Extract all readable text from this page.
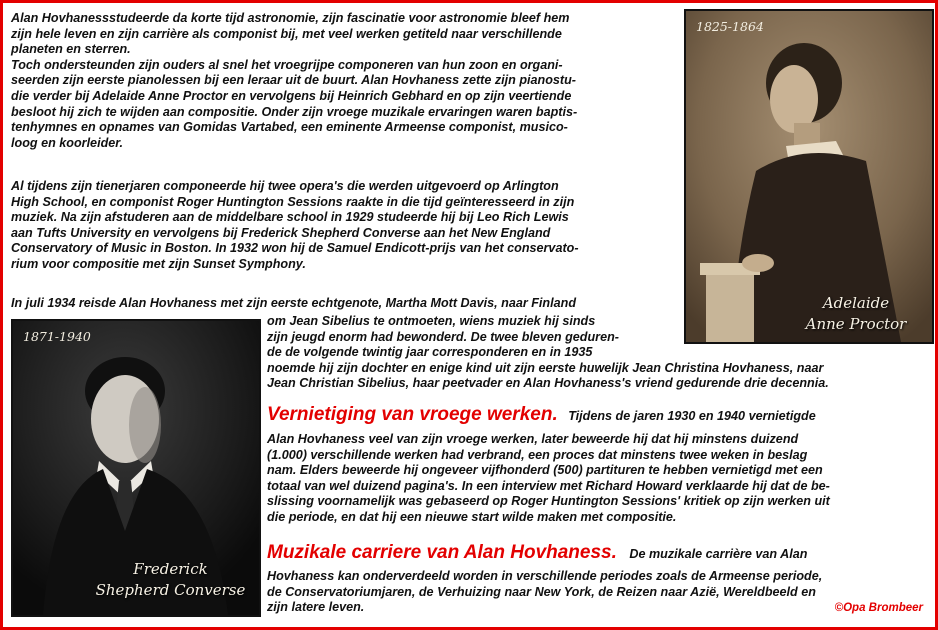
Alan Hovhanessstudeerde da korte tijd astronomie, zijn fascinatie voor astronomie bleef hem
zijn hele leven en zijn carrière als componist bij, met veel werken getiteld naar verschillende
planeten en sterren.
Toch ondersteunden zijn ouders al snel het vroegrijpe componeren van hun zoon en organi-
seerden zijn eerste pianolessen bij een leraar uit de buurt. Alan Hovhaness zette zijn pianostu-
die verder bij Adelaide Anne Proctor en vervolgens bij Heinrich Gebhard en op zijn veertiende
besloot hij zich te wijden aan compositie. Onder zijn vroege muzikale ervaringen waren baptis-
tenhymnes en opnames van Gomidas Vartabed, een eminente Armeense componist, musico-
loog en koorleider.
Al tijdens zijn tienerjaren componeerde hij twee opera's die werden uitgevoerd op Arlington
High School, en componist Roger Huntington Sessions raakte in die tijd geïnteresseerd in zijn
muziek. Na zijn afstuderen aan de middelbare school in 1929 studeerde hij bij Leo Rich Lewis
aan Tufts University en vervolgens bij Frederick Shepherd Converse aan het New England
Conservatory of Music in Boston. In 1932 won hij de Samuel Endicott-prijs van het conservato-
rium voor compositie met zijn Sunset Symphony.
In juli 1934 reisde Alan Hovhaness met zijn eerste echtgenote, Martha Mott Davis, naar Finland
om Jean Sibelius te ontmoeten, wiens muziek hij sinds
zijn jeugd enorm had bewonderd. De twee bleven geduren-
de de volgende twintig jaar corresponderen en in 1935
noemde hij zijn dochter en enige kind uit zijn eerste huwelijk Jean Christina Hovhaness, naar
Jean Christian Sibelius, haar peetvader en Alan Hovhaness's vriend gedurende drie decennia.
Vernietiging van vroege werken. Tijdens de jaren 1930 en 1940 vernietigde
Alan Hovhaness veel van zijn vroege werken, later beweerde hij dat hij minstens duizend
(1.000) verschillende werken had verbrand, een proces dat minstens twee weken in beslag
nam. Elders beweerde hij ongeveer vijfhonderd (500) partituren te hebben vernietigd met een
totaal van wel duizend pagina's. In een interview met Richard Howard verklaarde hij dat de be-
slissing voornamelijk was gebaseerd op Roger Huntington Sessions' kritiek op zijn werken uit
die periode, en dat hij een nieuwe start wilde maken met compositie.
Muzikale carriere van Alan Hovhaness. De muzikale carrière van Alan
Hovhaness kan onderverdeeld worden in verschillende periodes zoals de Armeense periode,
de Conservatoriumjaren, de Verhuizing naar New York, de Reizen naar Azië, Wereldbeeld en
zijn latere leven.
1825-1864
Adelaide
Anne Proctor
1871-1940
Frederick
Shepherd Converse
©Opa Brombeer
